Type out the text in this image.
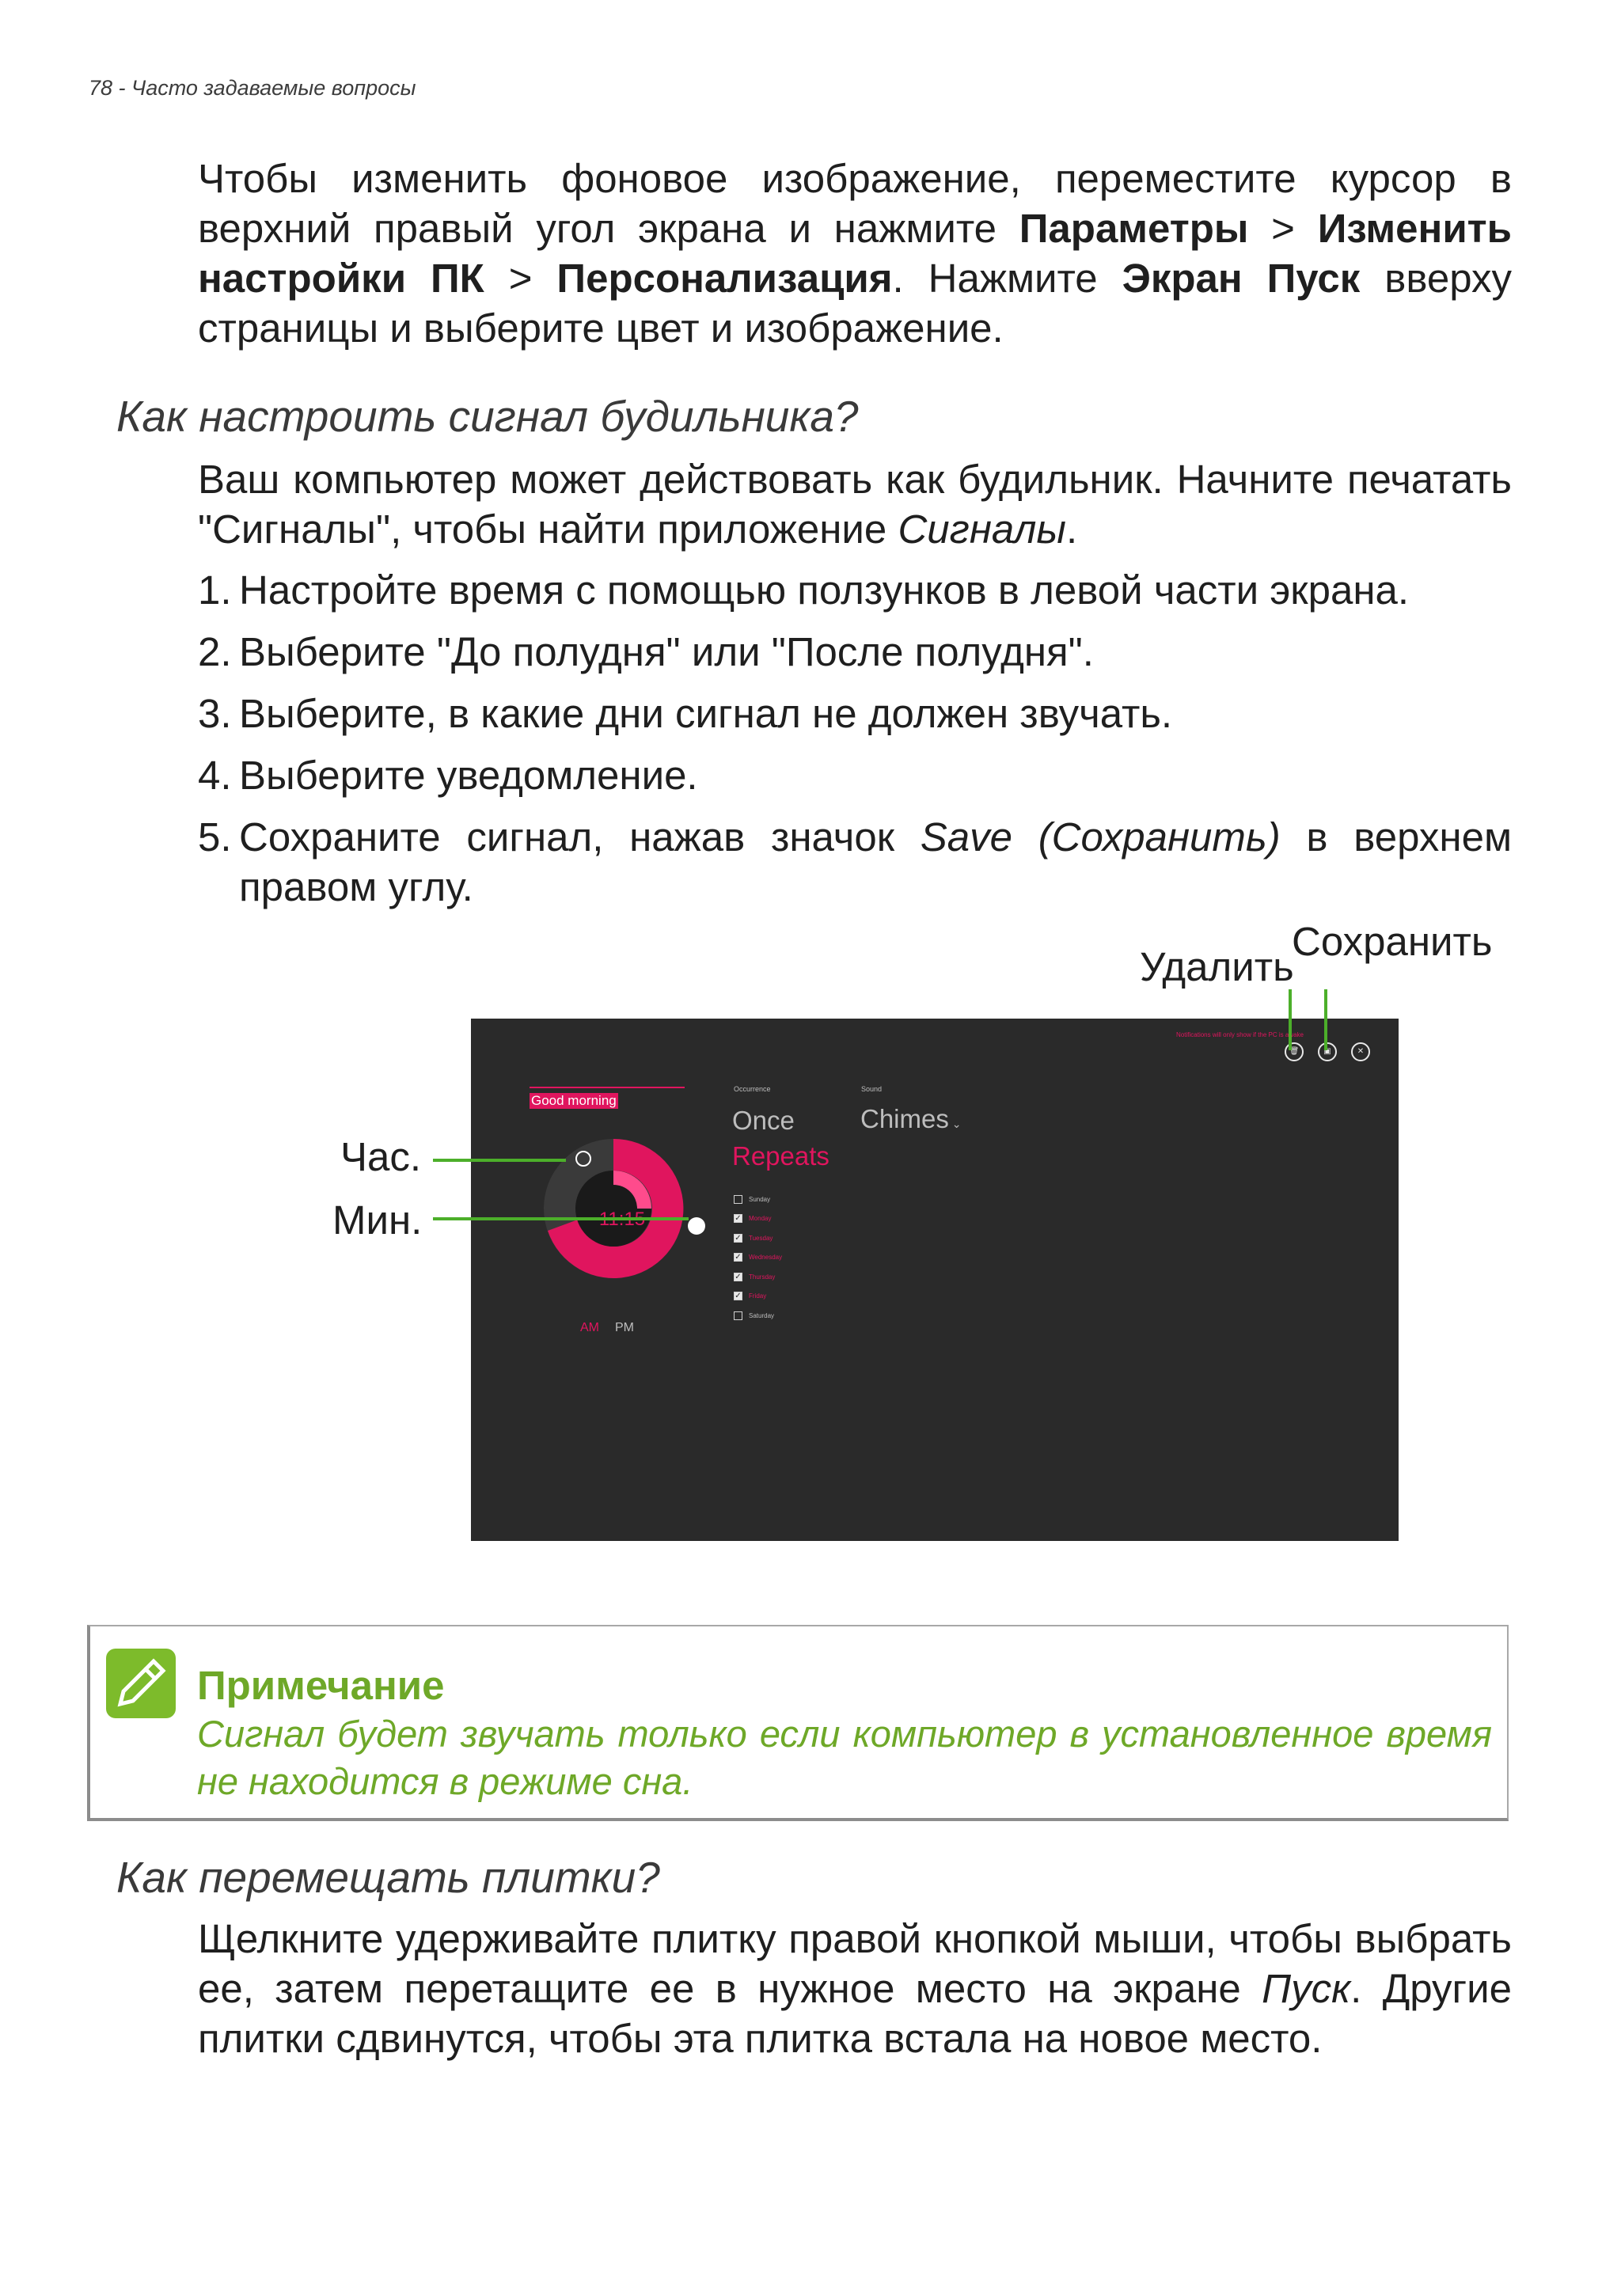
78 - Часто задаваемые вопросы

Чтобы изменить фоновое изображение, переместите курсор в верхний правый угол экрана и нажмите Параметры > Изменить настройки ПК > Персонализация. Нажмите Экран Пуск вверху страницы и выберите цвет и изображение.

Как настроить сигнал будильника?

Ваш компьютер может действовать как будильник. Начните печатать "Сигналы", чтобы найти приложение Сигналы.

1. Настройте время с помощью ползунков в левой части экрана.
2. Выберите "До полудня" или "После полудня".
3. Выберите, в какие дни сигнал не должен звучать.
4. Выберите уведомление.
5. Сохраните сигнал, нажав значок Save (Сохранить) в верхнем правом углу.
Удалить
Сохранить
Час.
Мин.
Notifications will only show if the PC is awake
🗑	▣	✕
Good morning
11:15
AM PM
Occurrence
Once
Repeats
Sound
Chimes ⌄
Sunday
✓ Monday
✓ Tuesday
✓ Wednesday
✓ Thursday
✓ Friday
Saturday
Примечание
Сигнал будет звучать только если компьютер в установленное время не находится в режиме сна.
Как перемещать плитки?

Щелкните удерживайте плитку правой кнопкой мыши, чтобы выбрать ее, затем перетащите ее в нужное место на экране Пуск. Другие плитки сдвинутся, чтобы эта плитка встала на новое место.
